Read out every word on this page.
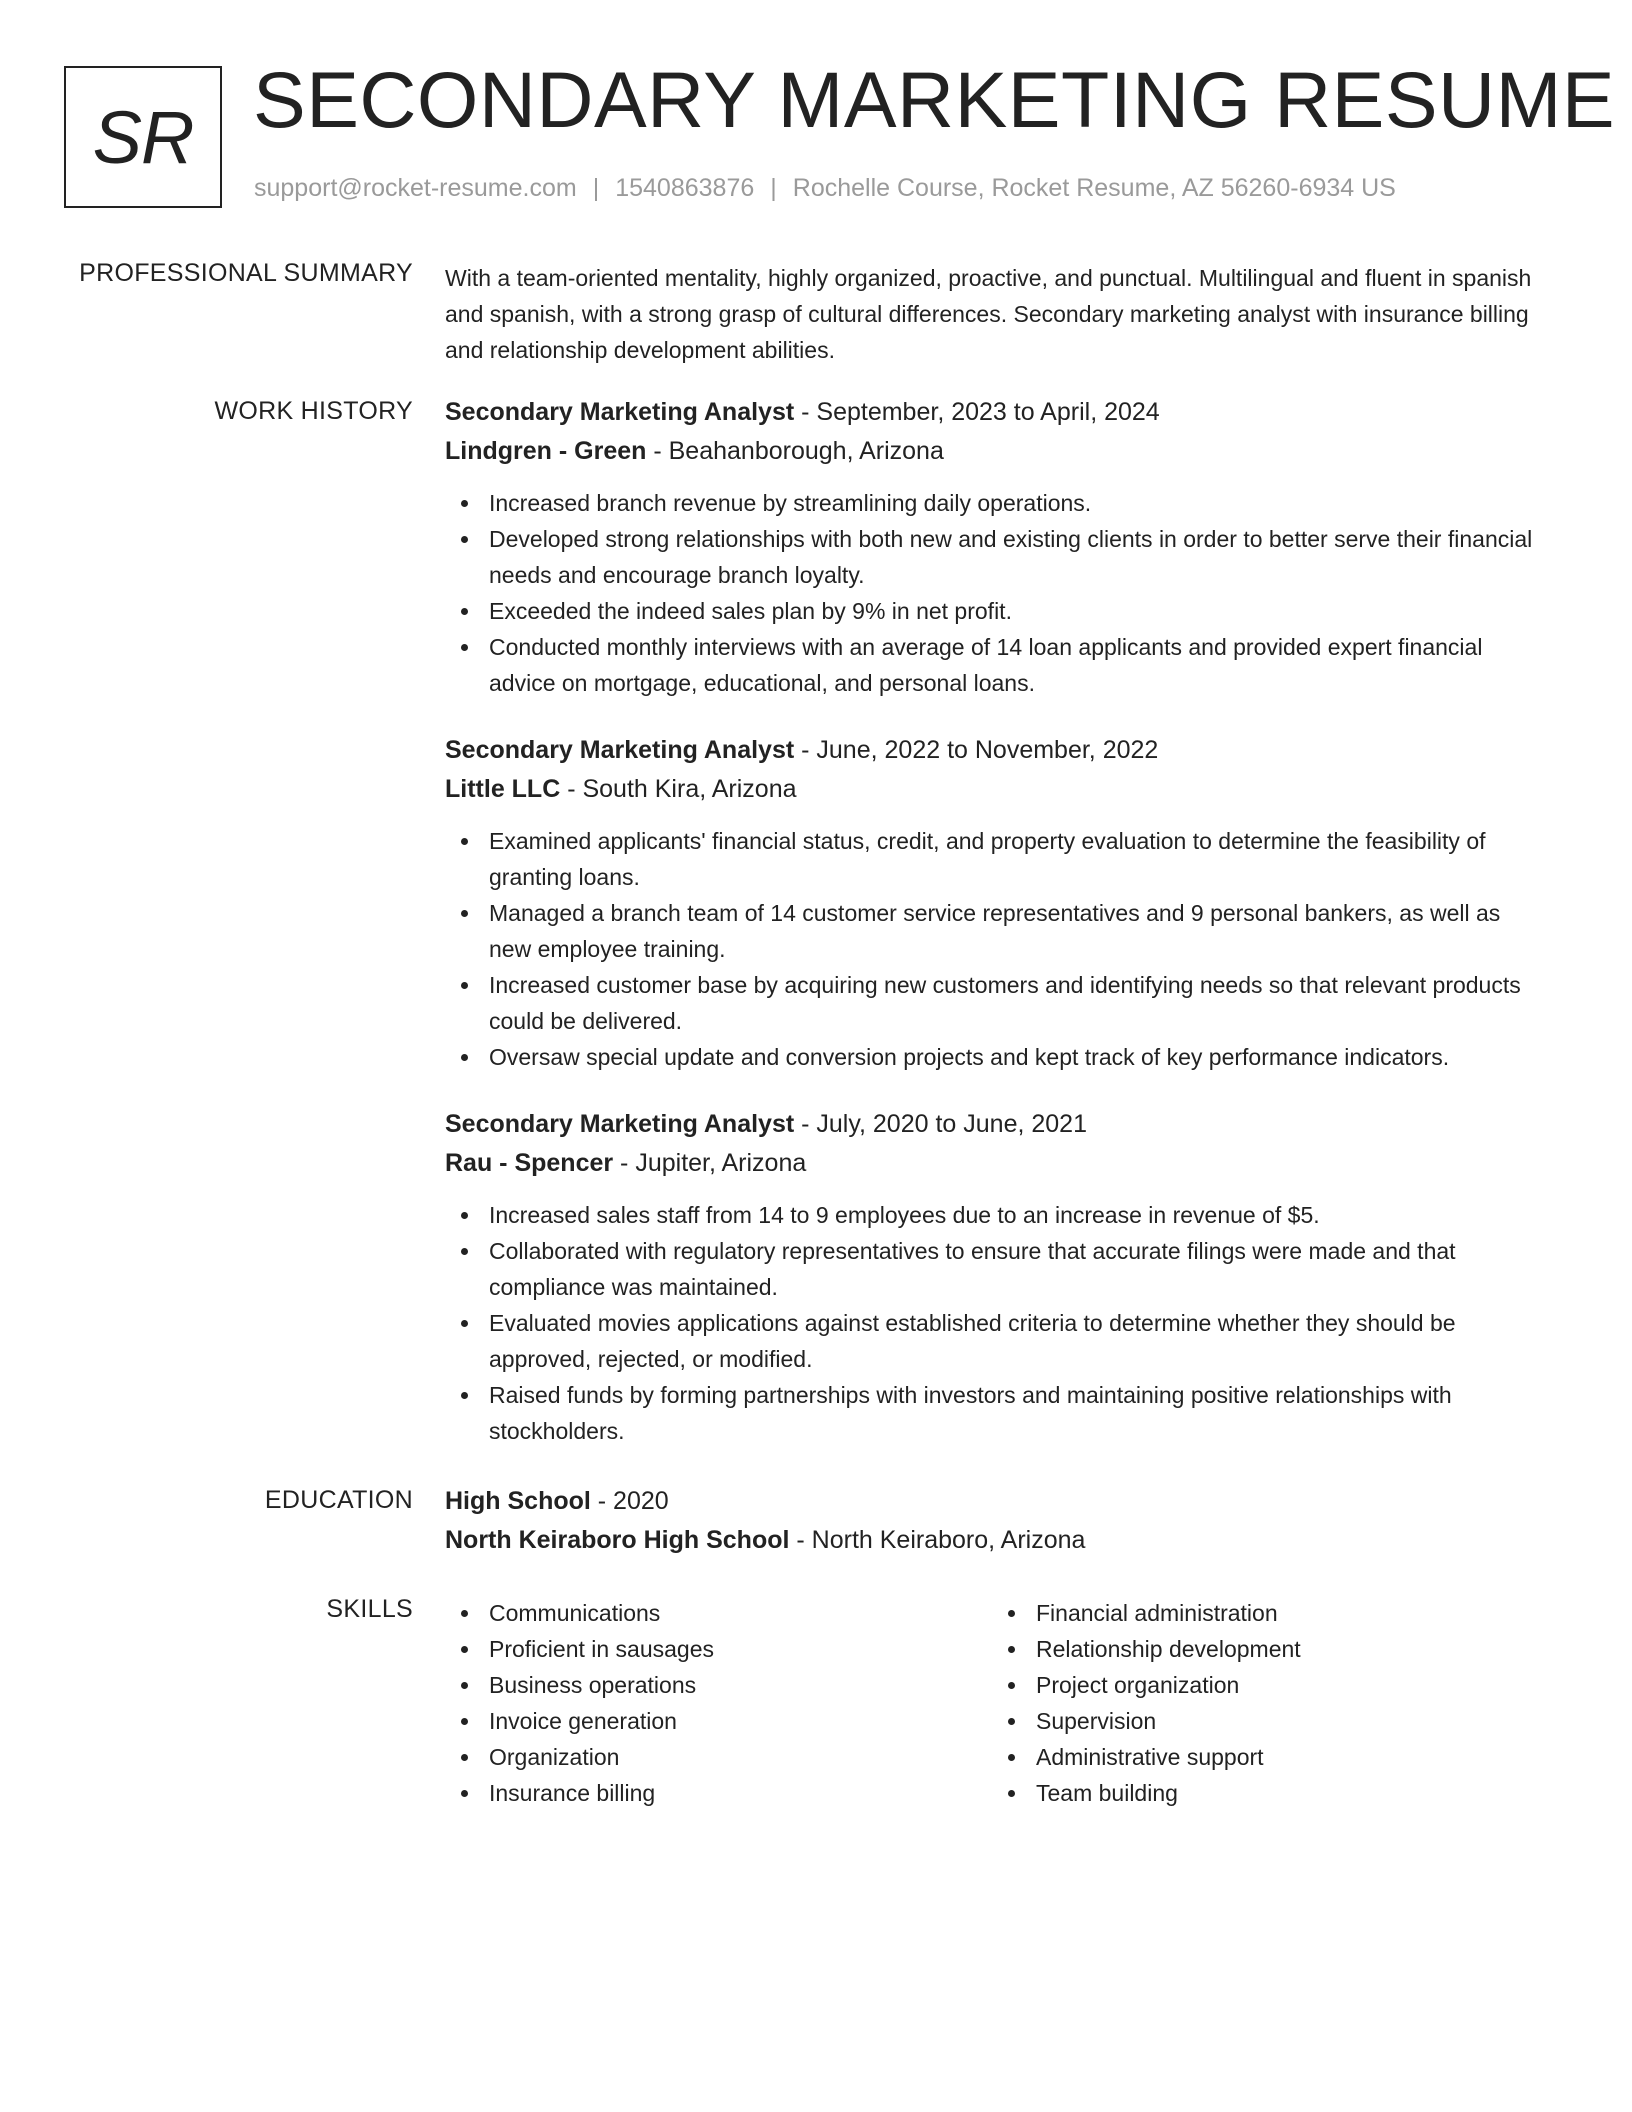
SR SECONDARY MARKETING RESUME
support@rocket-resume.com | 1540863876 | Rochelle Course, Rocket Resume, AZ 56260-6934 US
PROFESSIONAL SUMMARY With a team-oriented mentality, highly organized, proactive, and punctual. Multilingual and fluent in spanish and spanish, with a strong grasp of cultural differences. Secondary marketing analyst with insurance billing and relationship development abilities.

WORK HISTORY Secondary Marketing Analyst - September, 2023 to April, 2024
Lindgren - Green - Beahanborough, Arizona
Increased branch revenue by streamlining daily operations.
Developed strong relationships with both new and existing clients in order to better serve their financial needs and encourage branch loyalty.
Exceeded the indeed sales plan by 9% in net profit.
Conducted monthly interviews with an average of 14 loan applicants and provided expert financial advice on mortgage, educational, and personal loans.
Secondary Marketing Analyst - June, 2022 to November, 2022
Little LLC - South Kira, Arizona
Examined applicants' financial status, credit, and property evaluation to determine the feasibility of granting loans.
Managed a branch team of 14 customer service representatives and 9 personal bankers, as well as new employee training.
Increased customer base by acquiring new customers and identifying needs so that relevant products could be delivered.
Oversaw special update and conversion projects and kept track of key performance indicators.
Secondary Marketing Analyst - July, 2020 to June, 2021
Rau - Spencer - Jupiter, Arizona
Increased sales staff from 14 to 9 employees due to an increase in revenue of $5.
Collaborated with regulatory representatives to ensure that accurate filings were made and that compliance was maintained.
Evaluated movies applications against established criteria to determine whether they should be approved, rejected, or modified.
Raised funds by forming partnerships with investors and maintaining positive relationships with stockholders.
EDUCATION High School - 2020
North Keiraboro High School - North Keiraboro, Arizona
SKILLS	Communications
Proficient in sausages
Business operations
Invoice generation
Organization
Insurance billing
Financial administration
Relationship development
Project organization
Supervision
Administrative support
Team building
